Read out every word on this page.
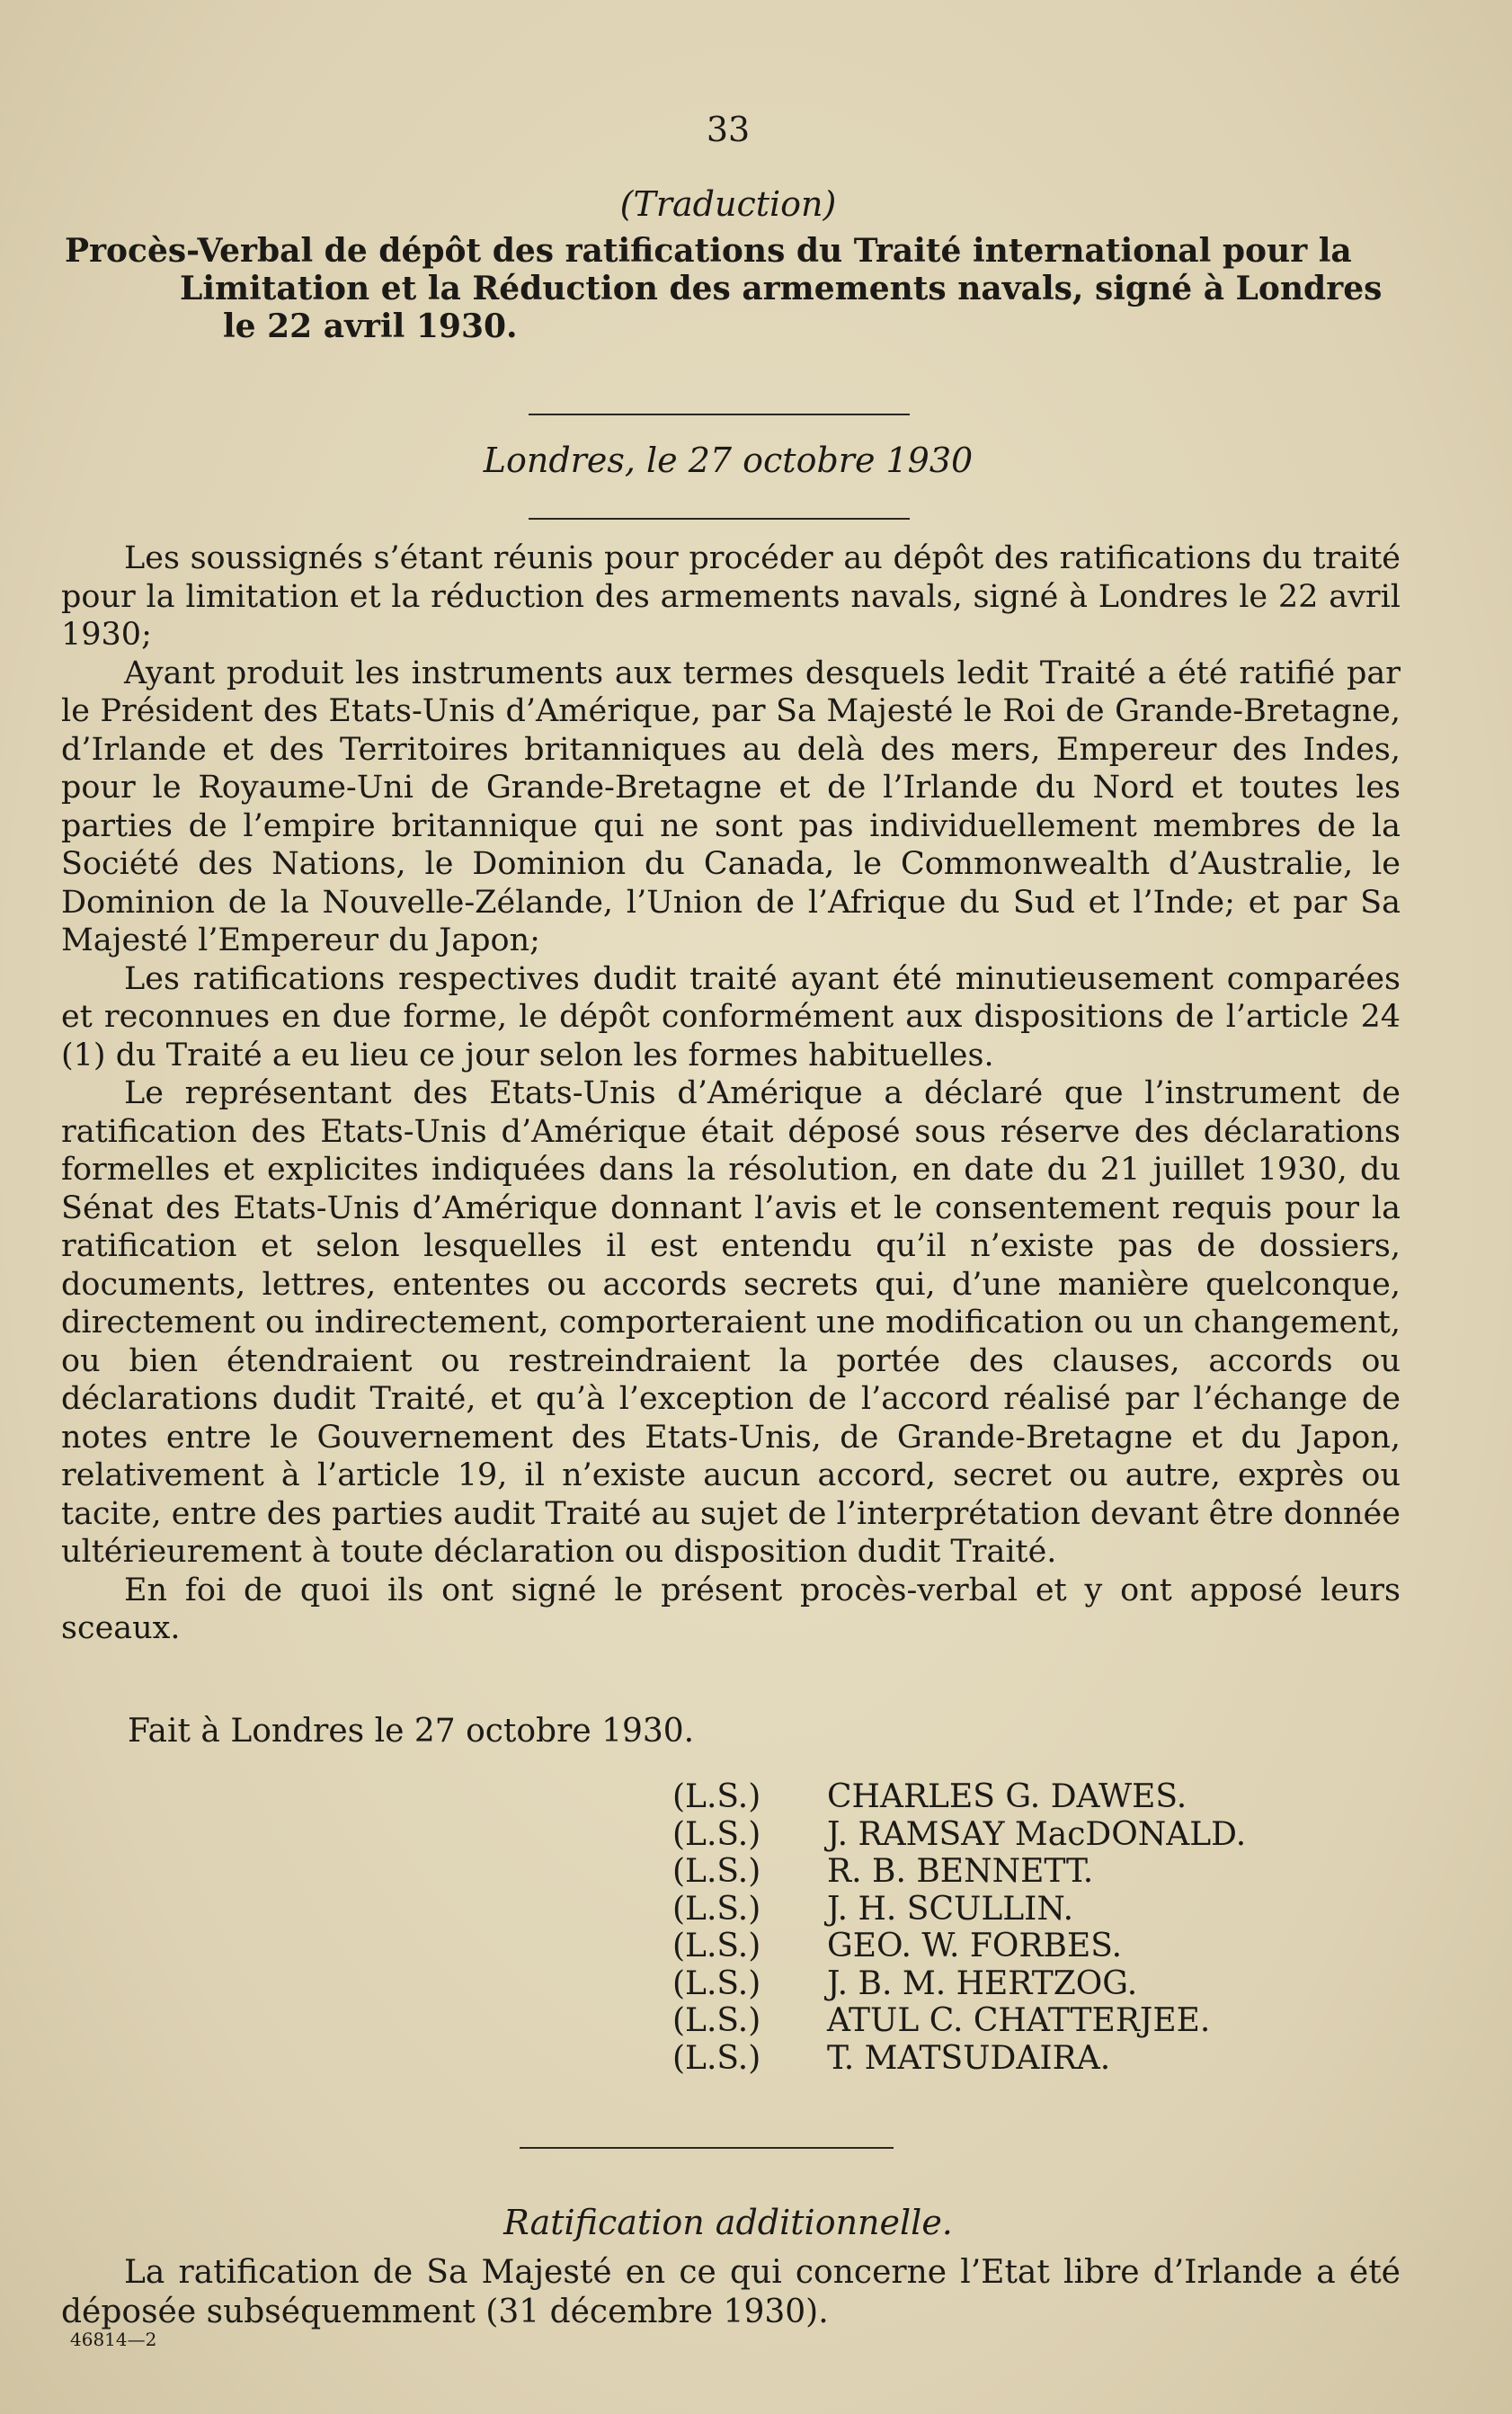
33
(Traduction)
Procès-Verbal de dépôt des ratifications du Traité international pour la
Limitation et la Réduction des armements navals, signé à Londres
le 22 avril 1930.
Londres, le 27 octobre 1930

Les soussignés s’étant réunis pour procéder au dépôt des ratifications du traité pour la limitation et la réduction des armements navals, signé à Londres le 22 avril 1930;

Ayant produit les instruments aux termes desquels ledit Traité a été ratifié par le Président des Etats-Unis d’Amérique, par Sa Majesté le Roi de Grande-Bretagne, d’Irlande et des Territoires britanniques au delà des mers, Empereur des Indes, pour le Royaume-Uni de Grande-Bretagne et de l’Irlande du Nord et toutes les parties de l’empire britannique qui ne sont pas individuellement membres de la Société des Nations, le Dominion du Canada, le Commonwealth d’Australie, le Dominion de la Nouvelle-Zélande, l’Union de l’Afrique du Sud et l’Inde; et par Sa Majesté l’Empereur du Japon;

Les ratifications respectives dudit traité ayant été minutieusement comparées et reconnues en due forme, le dépôt conformément aux dispositions de l’article 24 (1) du Traité a eu lieu ce jour selon les formes habituelles.

Le représentant des Etats-Unis d’Amérique a déclaré que l’instrument de ratification des Etats-Unis d’Amérique était déposé sous réserve des déclarations formelles et explicites indiquées dans la résolution, en date du 21 juillet 1930, du Sénat des Etats-Unis d’Amérique donnant l’avis et le consentement requis pour la ratification et selon lesquelles il est entendu qu’il n’existe pas de dossiers, documents, lettres, ententes ou accords secrets qui, d’une manière quelconque, directement ou indirectement, comporteraient une modification ou un changement, ou bien étendraient ou restreindraient la portée des clauses, accords ou déclarations dudit Traité, et qu’à l’exception de l’accord réalisé par l’échange de notes entre le Gouvernement des Etats-Unis, de Grande-Bretagne et du Japon, relativement à l’article 19, il n’existe aucun accord, secret ou autre, exprès ou tacite, entre des parties audit Traité au sujet de l’interprétation devant être donnée ultérieurement à toute déclaration ou disposition dudit Traité.

En foi de quoi ils ont signé le présent procès-verbal et y ont apposé leurs sceaux.

Fait à Londres le 27 octobre 1930.
(L.S.)	CHARLES G. DAWES.
(L.S.)	J. RAMSAY MacDONALD.
(L.S.)	R. B. BENNETT.
(L.S.)	J. H. SCULLIN.
(L.S.)	GEO. W. FORBES.
(L.S.)	J. B. M. HERTZOG.
(L.S.)	ATUL C. CHATTERJEE.
(L.S.)	T. MATSUDAIRA.
Ratification additionnelle.

La ratification de Sa Majesté en ce qui concerne l’Etat libre d’Irlande a été déposée subséquemment (31 décembre 1930).

46814—2
